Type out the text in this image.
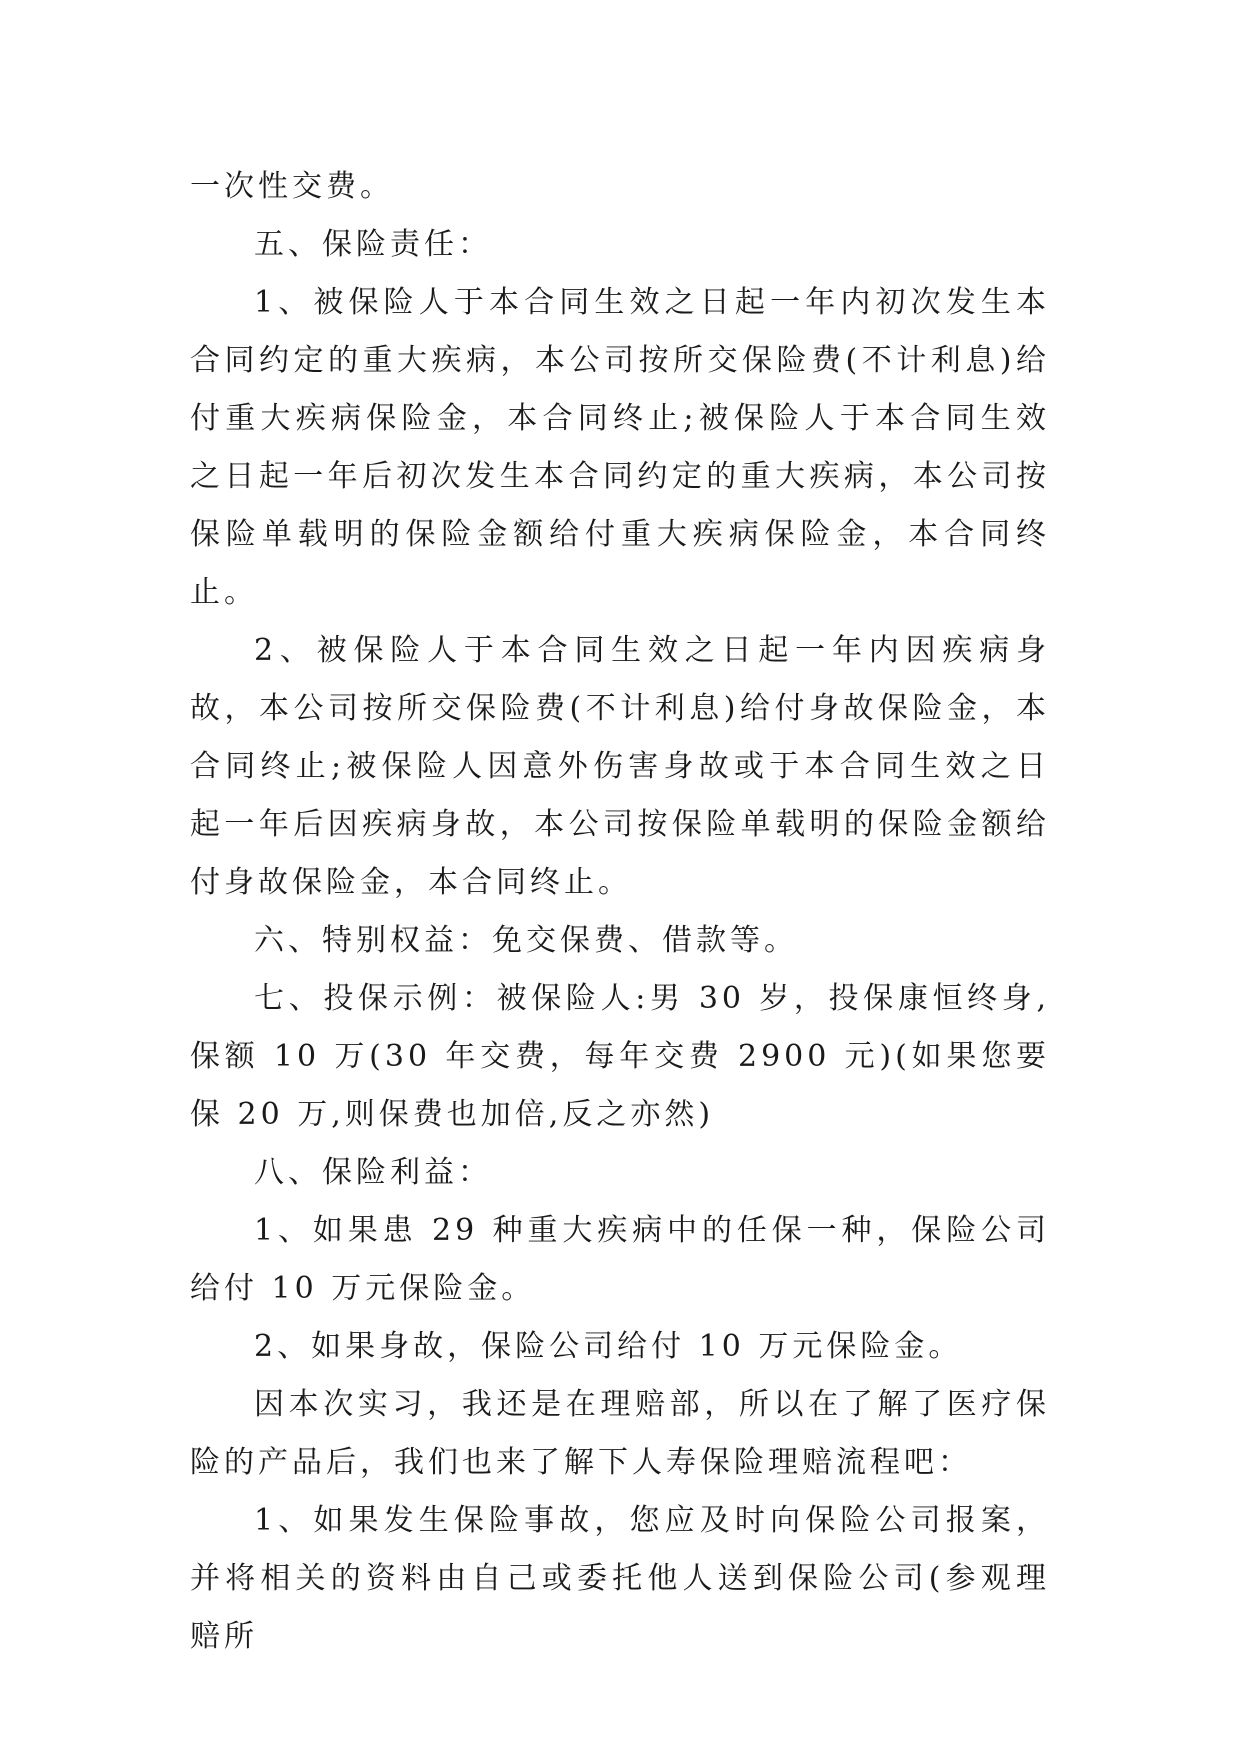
一次性交费。

五、保险责任：

1、被保险人于本合同生效之日起一年内初次发生本合同约定的重大疾病，本公司按所交保险费(不计利息)给付重大疾病保险金，本合同终止;被保险人于本合同生效之日起一年后初次发生本合同约定的重大疾病，本公司按保险单载明的保险金额给付重大疾病保险金，本合同终止。

2、被保险人于本合同生效之日起一年内因疾病身故，本公司按所交保险费(不计利息)给付身故保险金，本合同终止;被保险人因意外伤害身故或于本合同生效之日起一年后因疾病身故，本公司按保险单载明的保险金额给付身故保险金，本合同终止。

六、特别权益：免交保费、借款等。

七、投保示例：被保险人:男 30 岁，投保康恒终身,保额 10 万(30 年交费，每年交费 2900 元)(如果您要保 20 万,则保费也加倍,反之亦然)

八、保险利益：

1、如果患 29 种重大疾病中的任保一种，保险公司给付 10 万元保险金。

2、如果身故，保险公司给付 10 万元保险金。

因本次实习，我还是在理赔部，所以在了解了医疗保险的产品后，我们也来了解下人寿保险理赔流程吧：

1、如果发生保险事故，您应及时向保险公司报案，并将相关的资料由自己或委托他人送到保险公司(参观理赔所
